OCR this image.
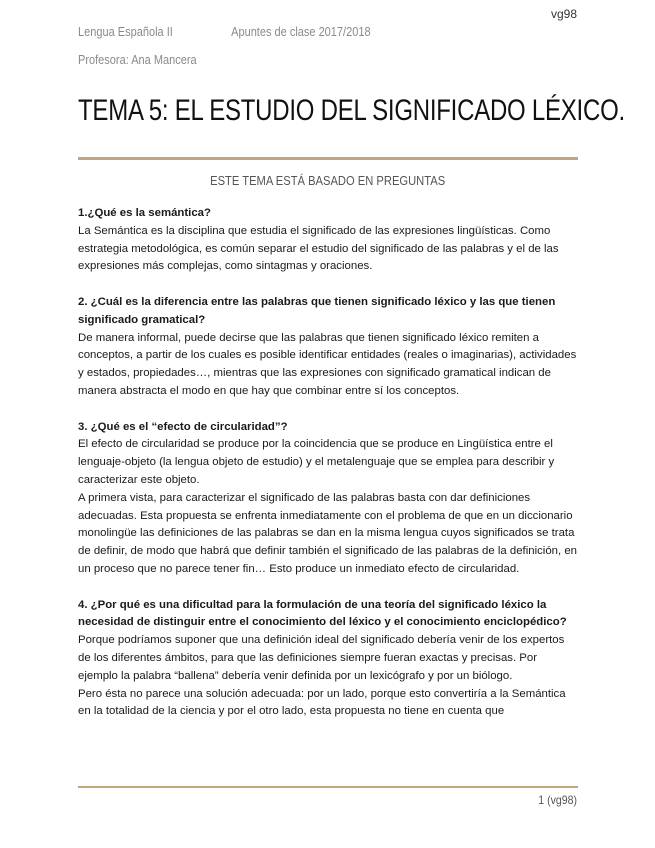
vg98
Lengua Española II	Apuntes de clase 2017/2018
Profesora: Ana Mancera
TEMA 5: EL ESTUDIO DEL SIGNIFICADO LÉXICO.
ESTE TEMA ESTÁ BASADO EN PREGUNTAS

1.¿Qué es la semántica?

La Semántica es la disciplina que estudia el significado de las expresiones lingüísticas. Como estrategia metodológica, es común separar el estudio del significado de las palabras y el de las expresiones más complejas, como sintagmas y oraciones.

2. ¿Cuál es la diferencia entre las palabras que tienen significado léxico y las que tienen significado gramatical?

De manera informal, puede decirse que las palabras que tienen significado léxico remiten a conceptos, a partir de los cuales es posible identificar entidades (reales o imaginarias), actividades y estados, propiedades…, mientras que las expresiones con significado gramatical indican de manera abstracta el modo en que hay que combinar entre sí los conceptos.

3. ¿Qué es el “efecto de circularidad”?

El efecto de circularidad se produce por la coincidencia que se produce en Lingüística entre el lenguaje-objeto (la lengua objeto de estudio) y el metalenguaje que se emplea para describir y caracterizar este objeto.

A primera vista, para caracterizar el significado de las palabras basta con dar definiciones adecuadas. Esta propuesta se enfrenta inmediatamente con el problema de que en un diccionario monolingüe las definiciones de las palabras se dan en la misma lengua cuyos significados se trata de definir, de modo que habrá que definir también el significado de las palabras de la definición, en un proceso que no parece tener fin… Esto produce un inmediato efecto de circularidad.

4. ¿Por qué es una dificultad para la formulación de una teoría del significado léxico la necesidad de distinguir entre el conocimiento del léxico y el conocimiento enciclopédico?

Porque podríamos suponer que una definición ideal del significado debería venir de los expertos de los diferentes ámbitos, para que las definiciones siempre fueran exactas y precisas. Por ejemplo la palabra “ballena” debería venir definida por un lexicógrafo y por un biólogo.

Pero ésta no parece una solución adecuada: por un lado, porque esto convertiría a la Semántica en la totalidad de la ciencia y por el otro lado, esta propuesta no tiene en cuenta que

1 (vg98)
